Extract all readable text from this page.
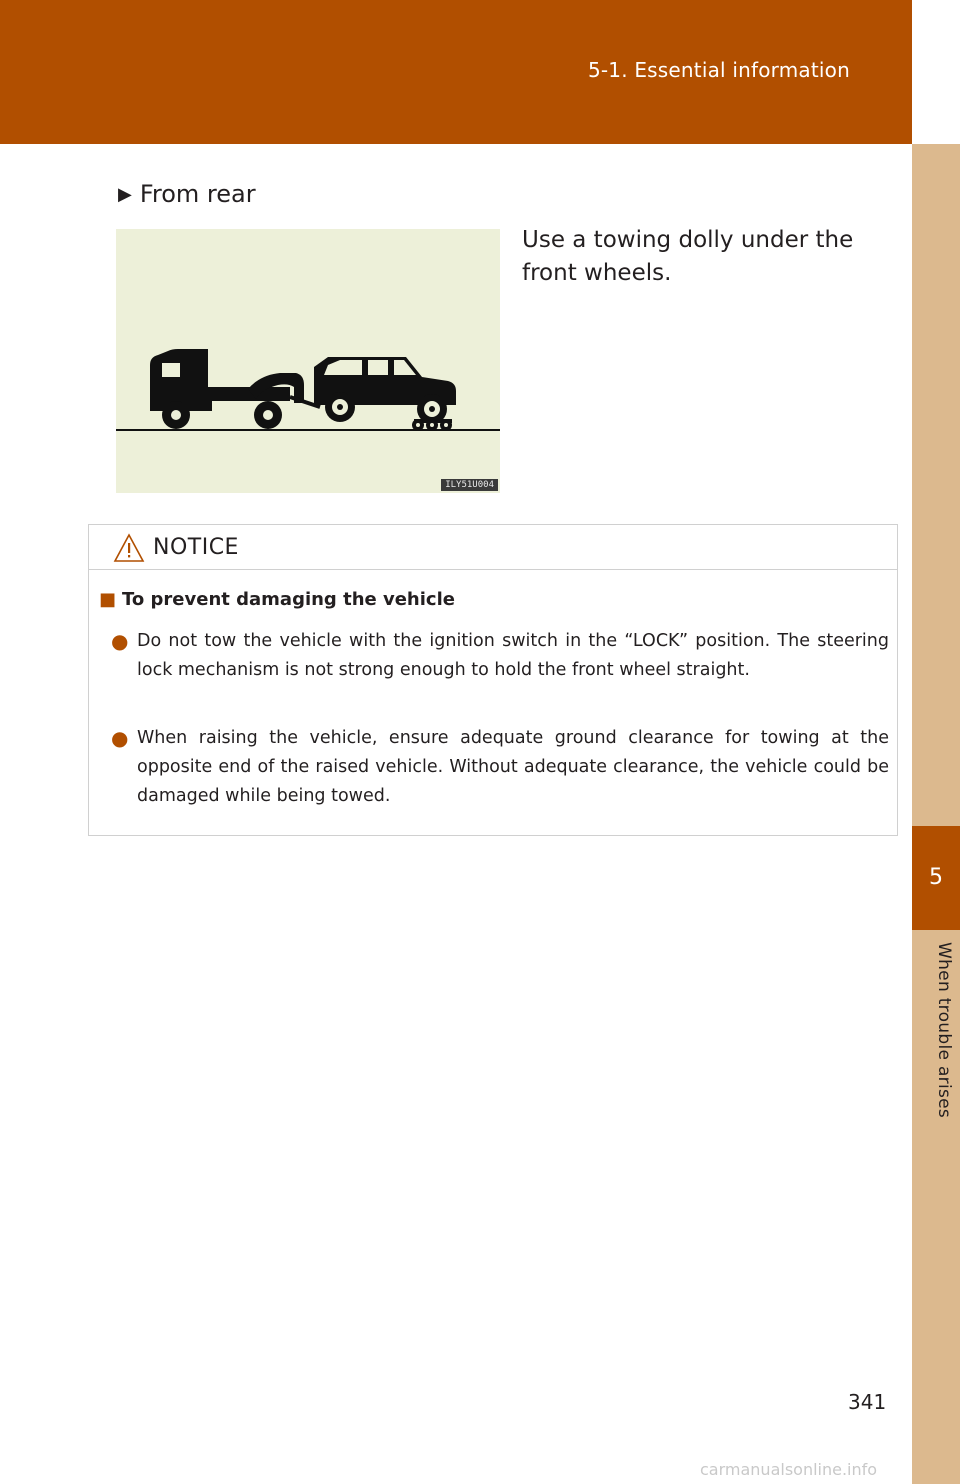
5-1. Essential information
5
When trouble arises
▶ From rear
ILY51U004
Use a towing dolly under the front wheels.
NOTICE
■ To prevent damaging the vehicle
● Do not tow the vehicle with the ignition switch in the “LOCK” position. The steering lock mechanism is not strong enough to hold the front wheel straight.
● When raising the vehicle, ensure adequate ground clearance for towing at the opposite end of the raised vehicle. Without adequate clearance, the vehicle could be damaged while being towed.
341
carmanualsonline.info
